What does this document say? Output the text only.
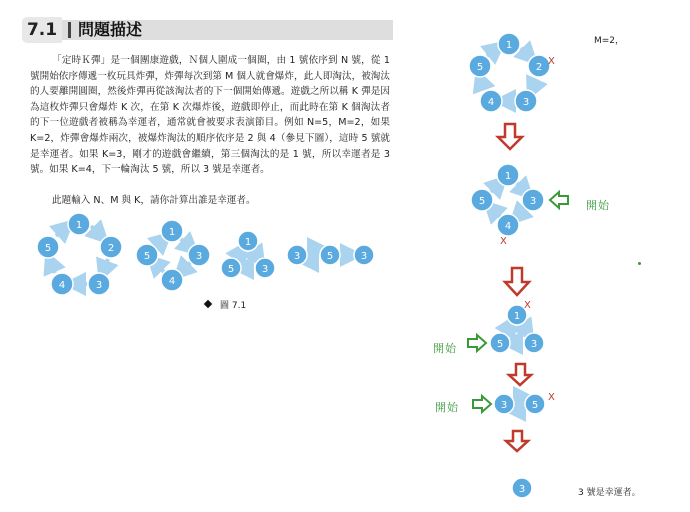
7.1	問題描述

「定時Ｋ彈」是一個團康遊戲，Ｎ個人圍成一個圈，由 1 號依序到 N 號，從 1 號開始依序傳遞一枚玩具炸彈，炸彈每次到第 M 個人就會爆炸，此人即淘汰，被淘汰的人要離開圓圈，然後炸彈再從該淘汰者的下一個開始傳遞。遊戲之所以稱 K 彈是因為這枚炸彈只會爆炸 K 次，在第 K 次爆炸後，遊戲即停止，而此時在第 K 個淘汰者的下一位遊戲者被稱為幸運者，通常就會被要求表演節目。例如 N=5，M=2，如果 K=2，炸彈會爆炸兩次，被爆炸淘汰的順序依序是 2 與 4（參見下圖），這時 5 號就是幸運者。如果 K=3，剛才的遊戲會繼續，第三個淘汰的是 1 號，所以幸運者是 3 號。如果 K=4，下一輪淘汰 5 號，所以 3 號是幸運者。

此題輸入 N、M 與 K，請你計算出誰是幸運者。

1
2
3
4
5
1
3
4
5
1
3
5
3	5	3
1
2
3
4
5
1
3
4
5
1
5	3
3 5
3
圖 7.1
M=2，
X
X
X
X
開始
開始
開始
3 號是幸運者。
